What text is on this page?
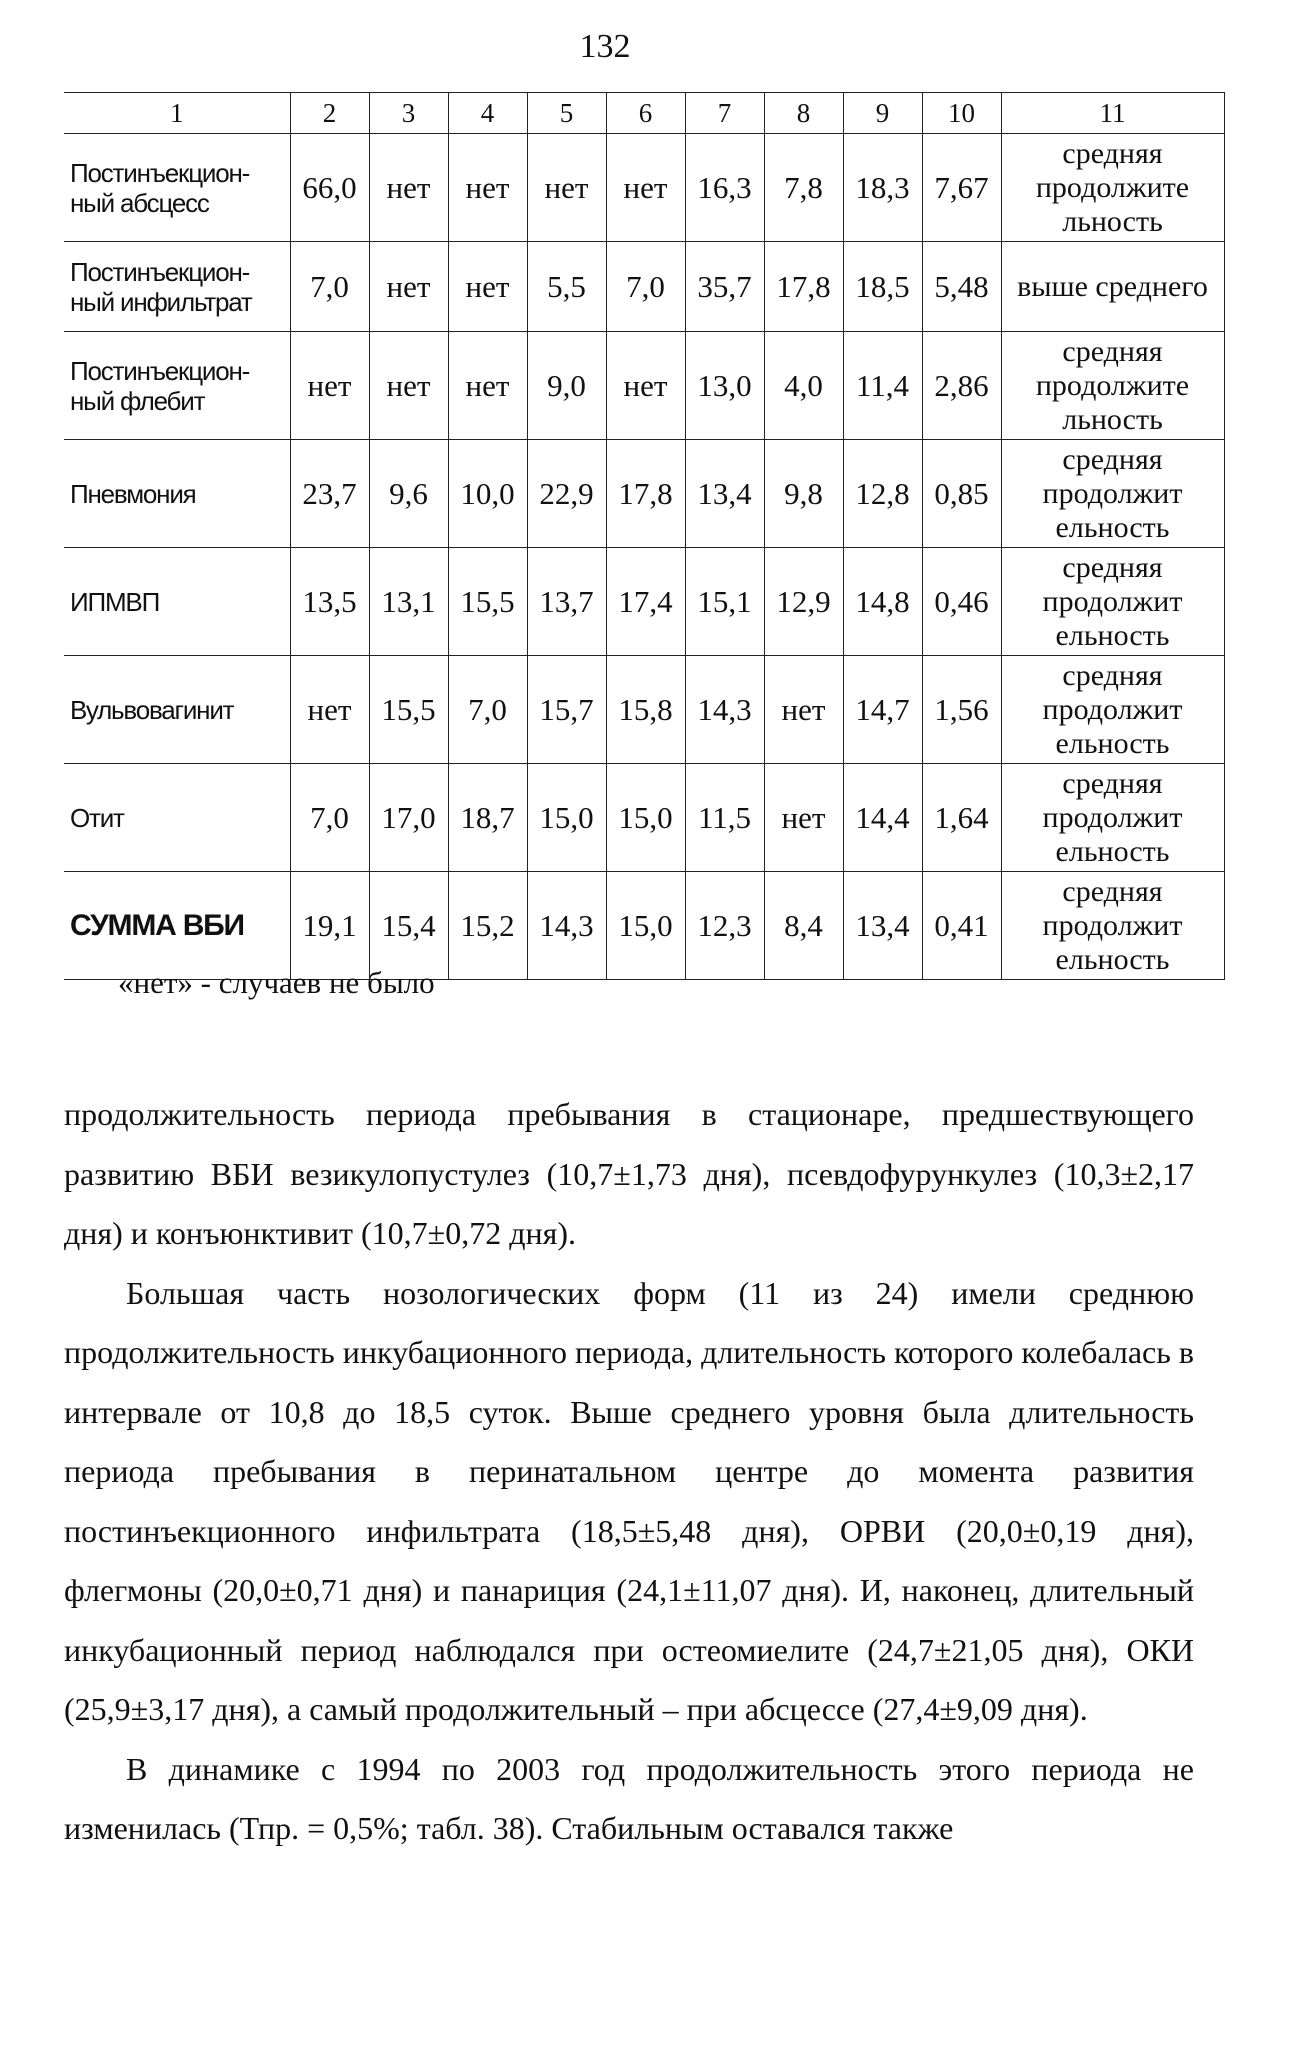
132
1	2	3	4	5	6	7	8	9	10	11
Постинъекцион- ный абсцесс	66,0	нет	нет	нет	нет	16,3	7,8	18,3	7,67	средняя продолжите льность
Постинъекцион- ный инфильтрат	7,0	нет	нет	5,5	7,0	35,7	17,8	18,5	5,48	выше среднего
Постинъекцион- ный флебит	нет	нет	нет	9,0	нет	13,0	4,0	11,4	2,86	средняя продолжите льность
Пневмония	23,7	9,6	10,0	22,9	17,8	13,4	9,8	12,8	0,85	средняя продолжит ельность
ИПМВП	13,5	13,1	15,5	13,7	17,4	15,1	12,9	14,8	0,46	средняя продолжит ельность
Вульвовагинит	нет	15,5	7,0	15,7	15,8	14,3	нет	14,7	1,56	средняя продолжит ельность
Отит	7,0	17,0	18,7	15,0	15,0	11,5	нет	14,4	1,64	средняя продолжит ельность
СУММА ВБИ	19,1	15,4	15,2	14,3	15,0	12,3	8,4	13,4	0,41	средняя продолжит ельность
«нет» - случаев не было

продолжительность периода пребывания в стационаре, предшествующего развитию ВБИ везикулопустулез (10,7±1,73 дня), псевдофурункулез (10,3±2,17 дня) и конъюнктивит (10,7±0,72 дня).

Большая часть нозологических форм (11 из 24) имели среднюю продолжительность инкубационного периода, длительность которого колебалась в интервале от 10,8 до 18,5 суток. Выше среднего уровня была длительность периода пребывания в перинатальном центре до момента развития постинъекционного инфильтрата (18,5±5,48 дня), ОРВИ (20,0±0,19 дня), флегмоны (20,0±0,71 дня) и панариция (24,1±11,07 дня). И, наконец, длительный инкубационный период наблюдался при остеомиелите (24,7±21,05 дня), ОКИ (25,9±3,17 дня), а самый продолжительный – при абсцессе (27,4±9,09 дня).

В динамике с 1994 по 2003 год продолжительность этого периода не изменилась (Тпр. = 0,5%; табл. 38). Стабильным оставался также
